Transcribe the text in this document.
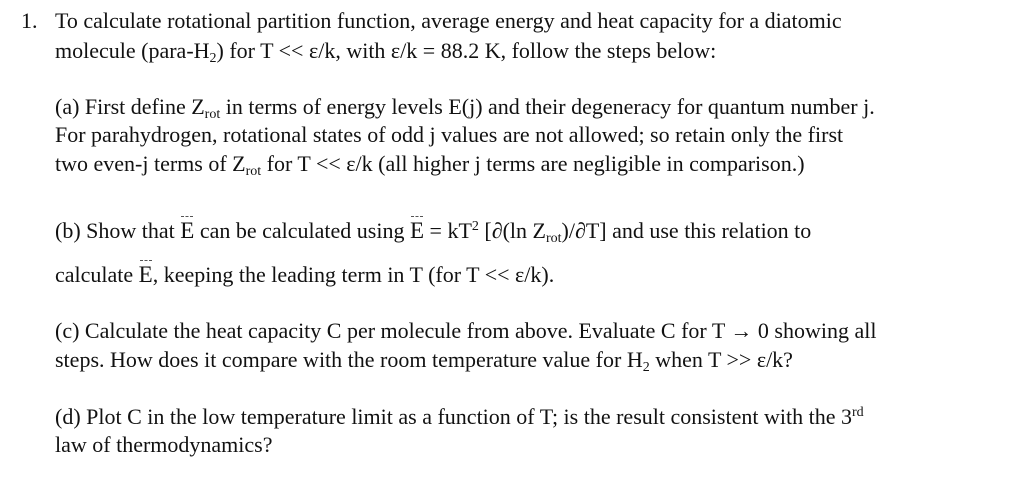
1. To calculate rotational partition function, average energy and heat capacity for a diatomic
molecule $(para-H_2)$ for T << ε/k, with ε/k = 88.2 K, follow the steps below:
(a) First define $Z_{rot}$ in terms of energy levels E(j) and their degeneracy for quantum number j.
For parahydrogen, rotational states of odd j values are not allowed; so retain only the first
two even-j terms of $Z_{rot}$ for T << ε/k (all higher j terms are negligible in comparison.)
(b) Show that E can be calculated using $E = kT^2$ [∂(ln $Z_{rot})/\partial T$] and use this relation to
calculate E, keeping the leading term in T (for T << ε/k).
(c) Calculate the heat capacity C per molecule from above. Evaluate C for T → 0 showing all
steps. How does it compare with the room temperature value for $H_2$ when T >> ε/k?
(d) Plot C in the low temperature limit as a function of T; is the result consistent with the 3rd
law of thermodynamics?
